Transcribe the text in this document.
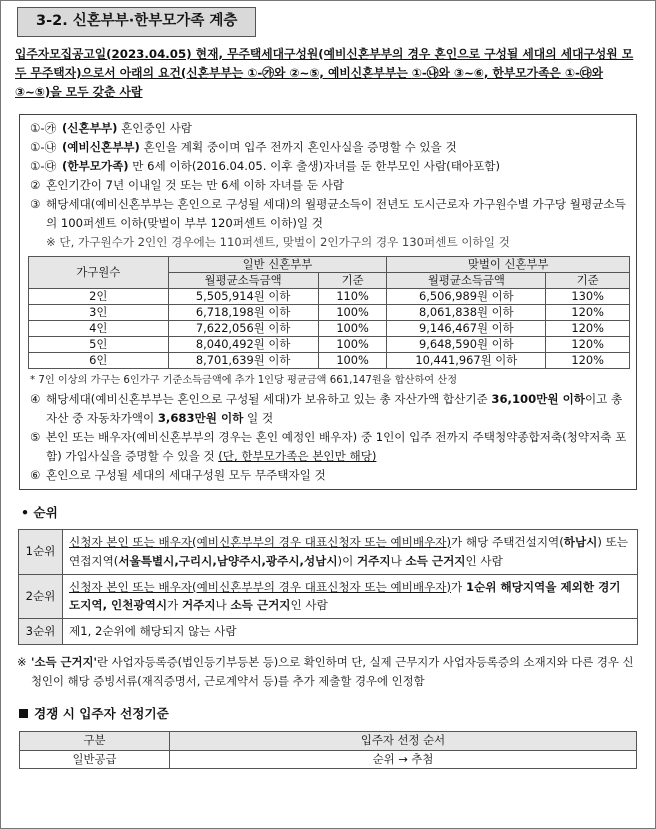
3-2. 신혼부부·한부모가족 계층
입주자모집공고일(2023.04.05) 현재, 무주택세대구성원(예비신혼부부의 경우 혼인으로 구성될 세대의 세대구성원 모두 무주택자)으로서 아래의 요건(신혼부부는 ①-㉮와 ②~⑤, 예비신혼부부는 ①-㉯와 ③~⑥, 한부모가족은 ①-㉰와 ③~⑤)을 모두 갖춘 사람
①-㉮ (신혼부부) 혼인중인 사람
①-㉯ (예비신혼부부) 혼인을 계획 중이며 입주 전까지 혼인사실을 증명할 수 있을 것
①-㉰ (한부모가족) 만 6세 이하(2016.04.05. 이후 출생)자녀를 둔 한부모인 사람(태아포함)
② 혼인기간이 7년 이내일 것 또는 만 6세 이하 자녀를 둔 사람
③ 해당세대(예비신혼부부는 혼인으로 구성될 세대)의 월평균소득이 전년도 도시근로자 가구원수별 가구당 월평균소득의 100퍼센트 이하(맞벌이 부부 120퍼센트 이하)일 것
※ 단, 가구원수가 2인인 경우에는 110퍼센트, 맞벌이 2인가구의 경우 130퍼센트 이하일 것
가구원수	일반 신혼부부		맞벌이 신혼부부	
	월평균소득금액	기준	월평균소득금액	기준
2인	5,505,914원 이하	110%	6,506,989원 이하	130%
3인	6,718,198원 이하	100%	8,061,838원 이하	120%
4인	7,622,056원 이하	100%	9,146,467원 이하	120%
5인	8,040,492원 이하	100%	9,648,590원 이하	120%
6인	8,701,639원 이하	100%	10,441,967원 이하	120%
* 7인 이상의 가구는 6인가구 기준소득금액에 추가 1인당 평균금액 661,147원을 합산하여 산정
④ 해당세대(예비신혼부부는 혼인으로 구성될 세대)가 보유하고 있는 총 자산가액 합산기준 36,100만원 이하이고 총 자산 중 자동차가액이 3,683만원 이하 일 것
⑤ 본인 또는 배우자(예비신혼부부의 경우는 혼인 예정인 배우자) 중 1인이 입주 전까지 주택청약종합저축(청약저축 포함) 가입사실을 증명할 수 있을 것 (단, 한부모가족은 본인만 해당)
⑥ 혼인으로 구성될 세대의 세대구성원 모두 무주택자일 것
• 순위
1순위	신청자 본인 또는 배우자(예비신혼부부의 경우 대표신청자 또는 예비배우자)가 해당 주택건설지역(하남시) 또는 연접지역(서울특별시,구리시,남양주시,광주시,성남시)이 거주지나 소득 근거지인 사람
2순위	신청자 본인 또는 배우자(예비신혼부부의 경우 대표신청자 또는 예비배우자)가 1순위 해당지역을 제외한 경기도지역, 인천광역시가 거주지나 소득 근거지인 사람
3순위	제1, 2순위에 해당되지 않는 사람
※ '소득 근거지'란 사업자등록증(법인등기부등본 등)으로 확인하며 단, 실제 근무지가 사업자등록증의 소재지와 다른 경우 신청인이 해당 증빙서류(재직증명서, 근로계약서 등)를 추가 제출할 경우에 인정함
경쟁 시 입주자 선정기준
구분	입주자 선정 순서
일반공급	순위 → 추첨
